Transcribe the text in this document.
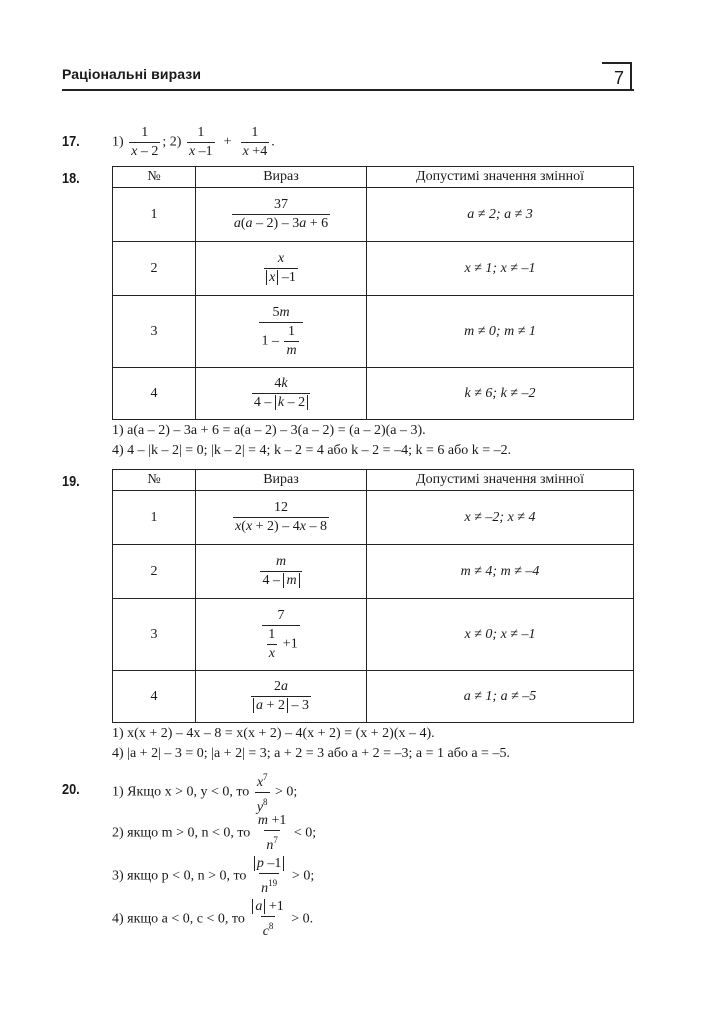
Раціональні вирази	7
17. $1) \frac{1}{x - 2}$ ; $2) \frac{1}{x -1} + \frac{1}{x +4}$ .
18.	№	Вираз	Допустимі значення змінної
1	$\frac{37}{a(a - 2) - 3a + 6}$	a ≠ 2; a ≠ 3
2	$\frac{x}{x -1}$	x ≠ 1; x ≠ –1
3	$\frac{5m}{1 - \frac{1}{m}}$	m ≠ 0; m ≠ 1
4	$\frac{4k}{4 - k - 2}$	k ≠ 6; k ≠ –2
1) a(a – 2) – 3a + 6 = a(a – 2) – 3(a – 2) = (a – 2)(a – 3).
4) 4 – |k – 2| = 0; |k – 2| = 4; k – 2 = 4 або k – 2 = –4; k = 6 або k = –2.
19.	№	Вираз	Допустимі значення змінної
1	$\frac{12}{x(x + 2) - 4x - 8}$	x ≠ –2; x ≠ 4
2	$\frac{m}{4 - m}$	m ≠ 4; m ≠ –4
3	$\frac{7}{\frac{1}{x} +1}$	x ≠ 0; x ≠ –1
4	$\frac{2a}{a + 2 - 3}$	a ≠ 1; a ≠ –5
1) x(x + 2) – 4x – 8 = x(x + 2) – 4(x + 2) = (x + 2)(x – 4).
4) |a + 2| – 3 = 0; |a + 2| = 3; a + 2 = 3 або a + 2 = –3; a = 1 або a = –5.
20. 1) Якщо x > 0, y < 0, то $\frac{x^7}{y^8} > 0$;
2) якщо m > 0, n < 0, то $\frac{m +1}{n^7} < 0$;
3) якщо p < 0, n > 0, то $\frac{p -1}{n^{19}} > 0$;
4) якщо a < 0, c < 0, то $\frac{a +1}{c^8} > 0$.
